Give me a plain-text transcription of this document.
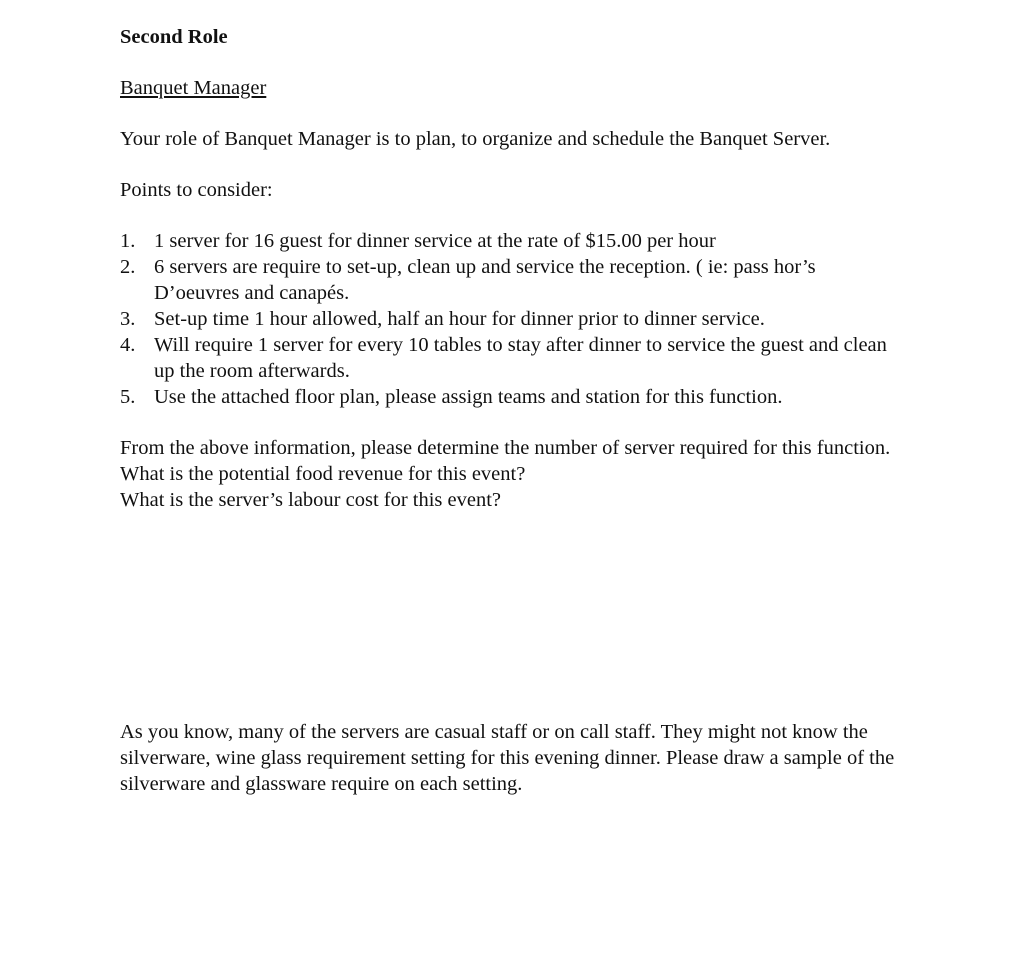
Second Role

Banquet Manager

Your role of Banquet Manager is to plan, to organize and schedule the Banquet Server.

Points to consider:

1. 1 server for 16 guest for dinner service at the rate of $15.00 per hour
2. 6 servers are require to set-up, clean up and service the reception. ( ie: pass hor’s D’oeuvres and canapés.
3. Set-up time 1 hour allowed, half an hour for dinner prior to dinner service.
4. Will require 1 server for every 10 tables to stay after dinner to service the guest and clean up the room afterwards.
5. Use the attached floor plan, please assign teams and station for this function.

From the above information, please determine the number of server required for this function.

What is the potential food revenue for this event?

What is the server’s labour cost for this event?

As you know, many of the servers are casual staff or on call staff. They might not know the silverware, wine glass requirement setting for this evening dinner. Please draw a sample of the silverware and glassware require on each setting.
